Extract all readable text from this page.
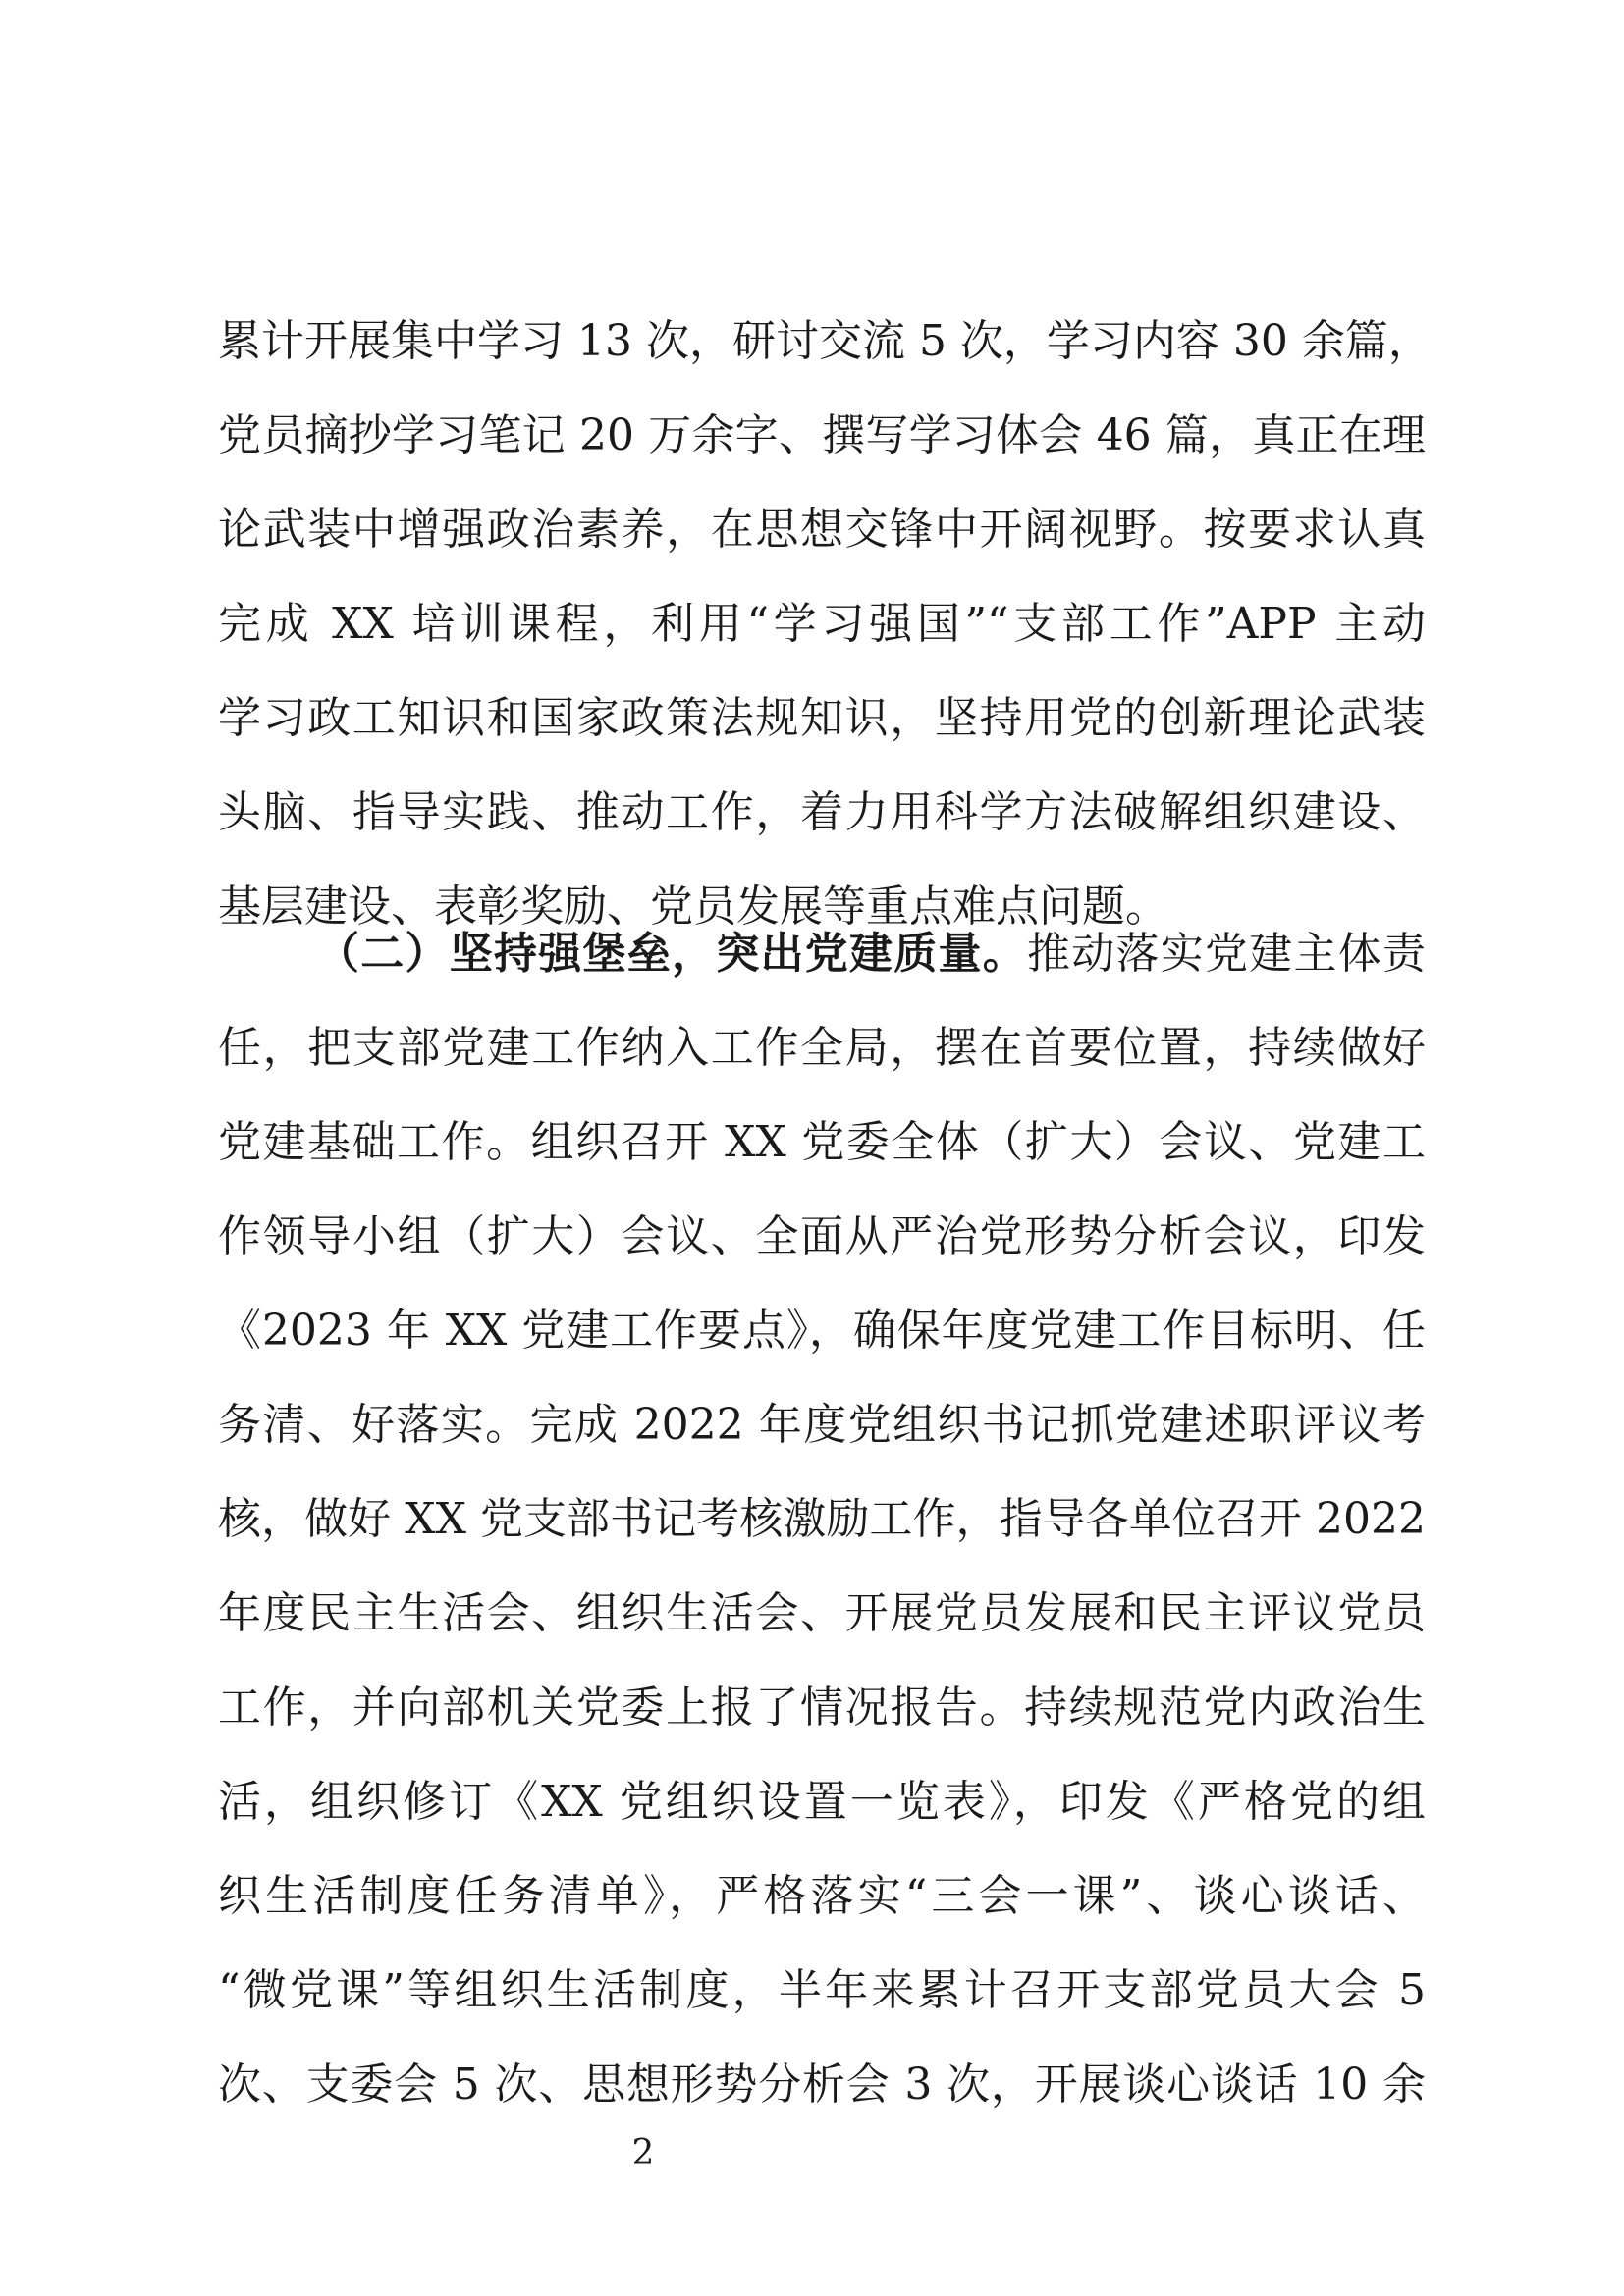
累计开展集中学习 13 次，研讨交流 5 次，学习内容 30 余篇，
党员摘抄学习笔记 20 万余字、撰写学习体会 46 篇，真正在理
论武装中增强政治素养，在思想交锋中开阔视野。按要求认真
完成 XX 培训课程，利用“学习强国”“支部工作”APP 主动
学习政工知识和国家政策法规知识，坚持用党的创新理论武装
头脑、指导实践、推动工作，着力用科学方法破解组织建设、
基层建设、表彰奖励、党员发展等重点难点问题。
（二）坚持强堡垒，突出党建质量。推动落实党建主体责
任，把支部党建工作纳入工作全局，摆在首要位置，持续做好
党建基础工作。组织召开 XX 党委全体（扩大）会议、党建工
作领导小组（扩大）会议、全面从严治党形势分析会议，印发
《2023 年 XX 党建工作要点》，确保年度党建工作目标明、任
务清、好落实。完成 2022 年度党组织书记抓党建述职评议考
核，做好 XX 党支部书记考核激励工作，指导各单位召开 2022
年度民主生活会、组织生活会、开展党员发展和民主评议党员
工作，并向部机关党委上报了情况报告。持续规范党内政治生
活，组织修订《XX 党组织设置一览表》，印发《严格党的组
织生活制度任务清单》，严格落实“三会一课”、谈心谈话、
“微党课”等组织生活制度，半年来累计召开支部党员大会 5
次、支委会 5 次、思想形势分析会 3 次，开展谈心谈话 10 余
2
